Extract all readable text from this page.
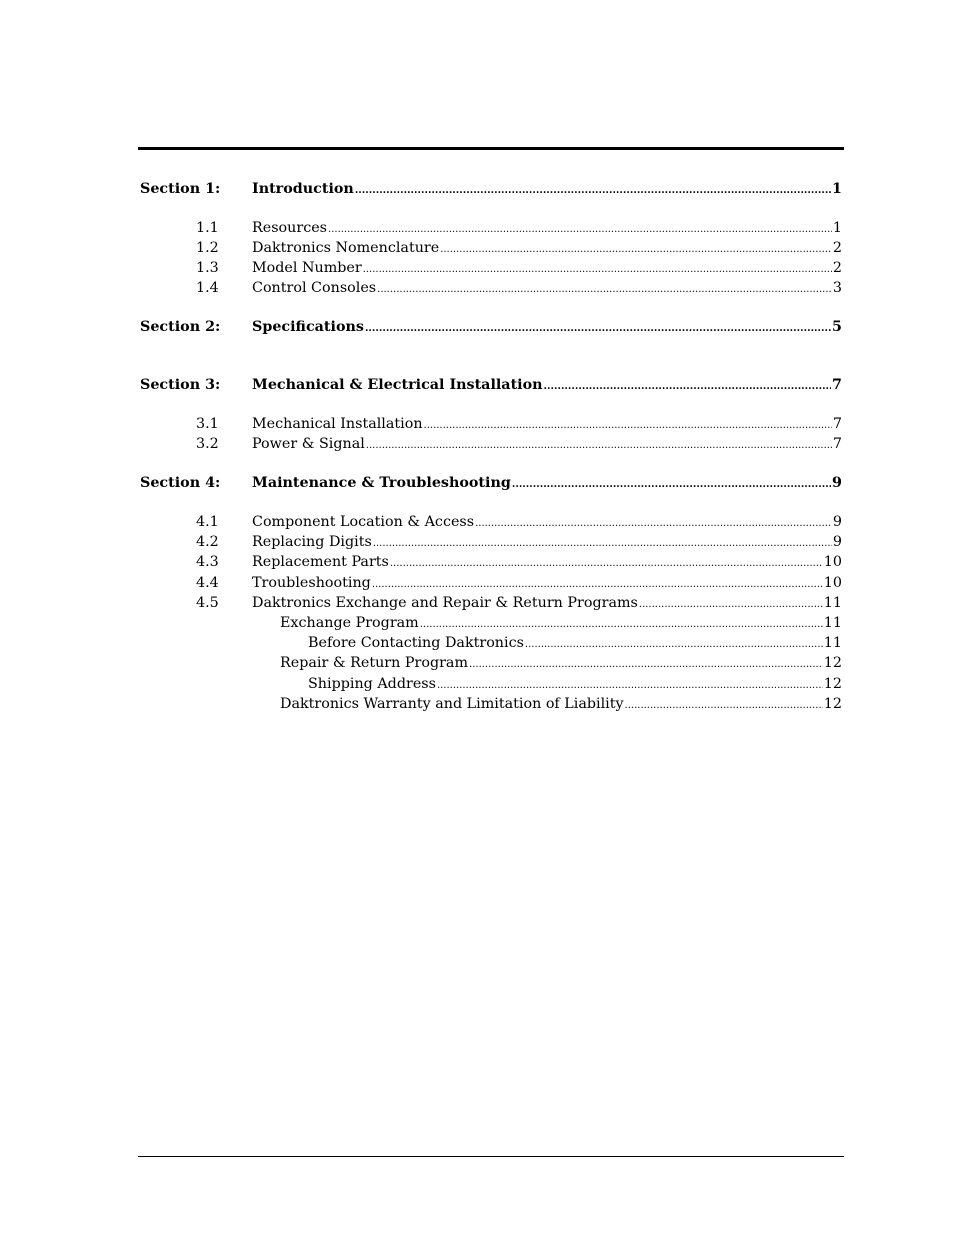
Section 1: Introduction .....	1
1.1 Resources .....	1
1.2 Daktronics Nomenclature .....	2
1.3 Model Number .....	2
1.4 Control Consoles .....	3
Section 2: Specifications .....	5
Section 3: Mechanical & Electrical Installation .....	7
3.1 Mechanical Installation .....	7
3.2 Power & Signal .....	7
Section 4: Maintenance & Troubleshooting .....	9
4.1 Component Location & Access .....	9
4.2 Replacing Digits .....	9
4.3 Replacement Parts .....	10
4.4 Troubleshooting .....	10
4.5 Daktronics Exchange and Repair & Return Programs .....	11
Exchange Program .....	11
Before Contacting Daktronics .....	11
Repair & Return Program .....	12
Shipping Address .....	12
Daktronics Warranty and Limitation of Liability .....	12
